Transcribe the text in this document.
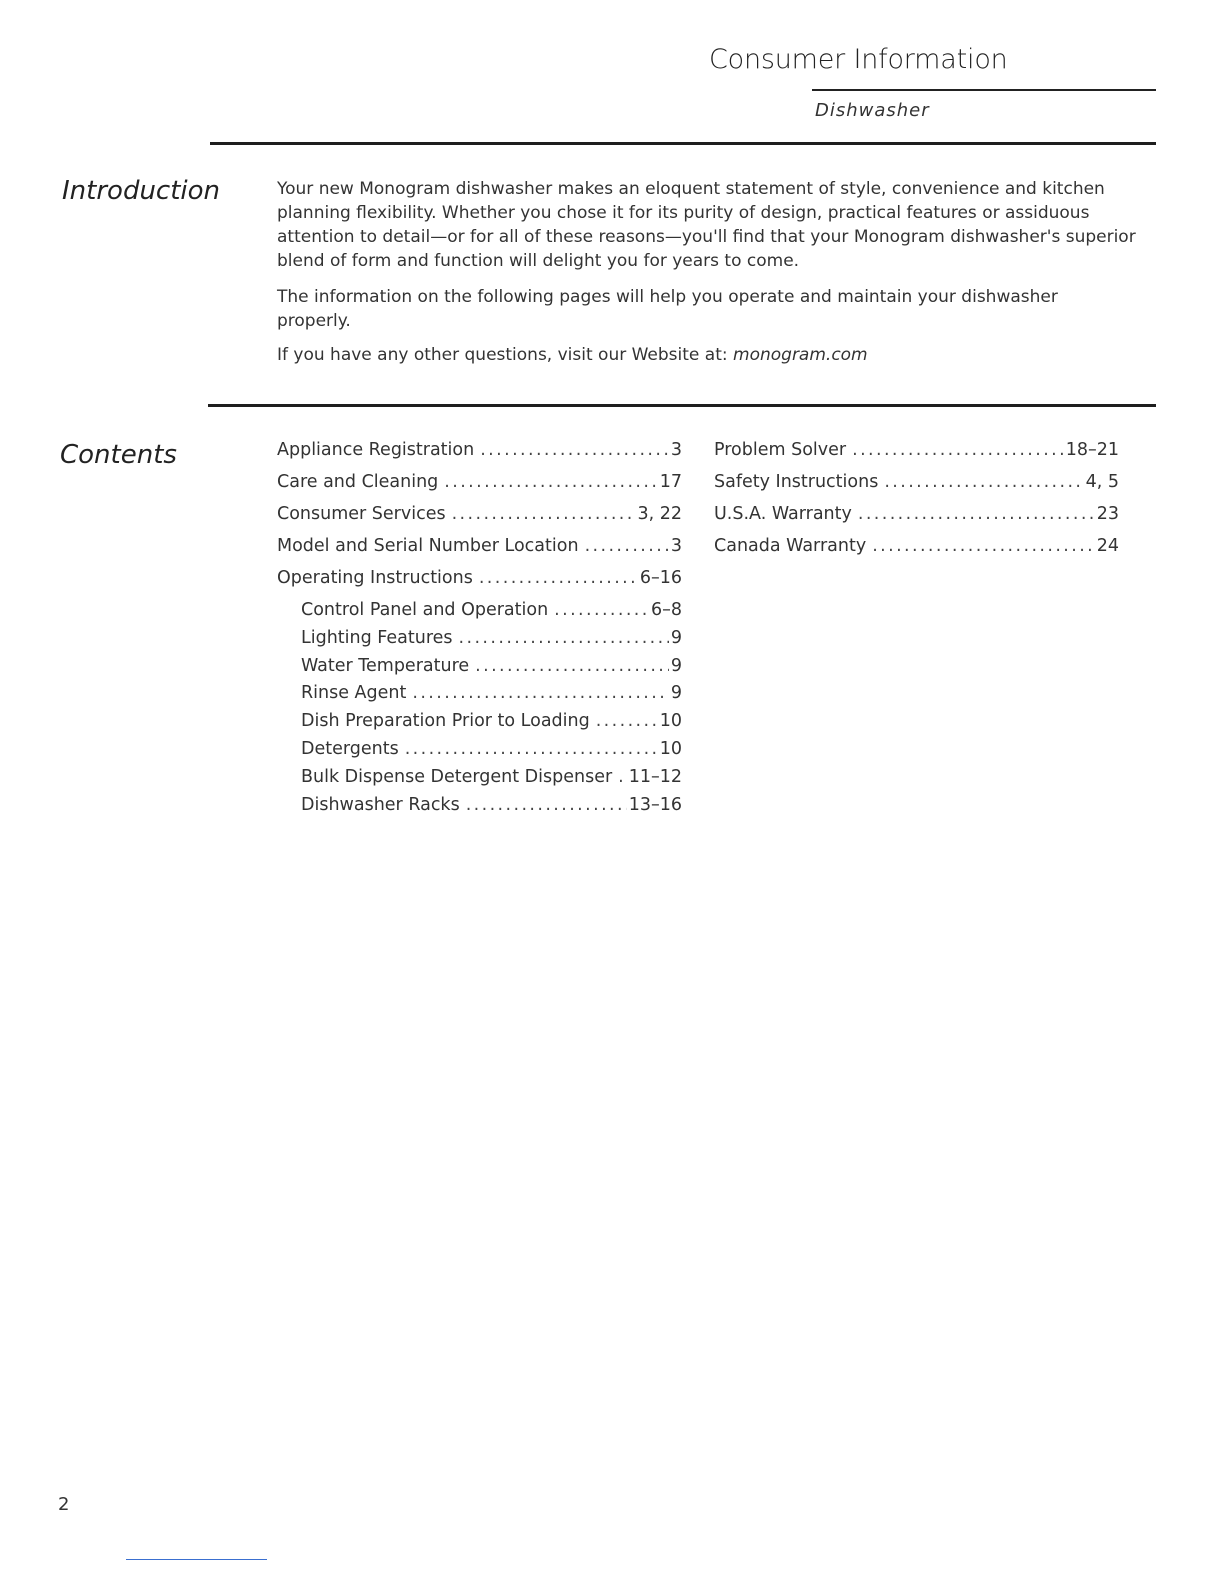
Consumer Information
Dishwasher
Introduction	Your new Monogram dishwasher makes an eloquent statement of style, convenience and kitchen planning flexibility. Whether you chose it for its purity of design, practical features or assiduous attention to detail—or for all of these reasons—you'll find that your Monogram dishwasher's superior blend of form and function will delight you for years to come.

The information on the following pages will help you operate and maintain your dishwasher properly.

If you have any other questions, visit our Website at: monogram.com

Contents	Appliance Registration .....	3
Care and Cleaning .....	17
Consumer Services .....	3, 22
Model and Serial Number Location .....	3
Operating Instructions .....	6–16
Control Panel and Operation .....	6–8
Lighting Features .....	9
Water Temperature .....	9
Rinse Agent .....	9
Dish Preparation Prior to Loading .....	10
Detergents .....	10
Bulk Dispense Detergent Dispenser ..... 11–12
Dishwasher Racks .....	13–16
Problem Solver .....	18–21
Safety Instructions .....	4, 5
U.S.A. Warranty .....	23
Canada Warranty .....	24
2
